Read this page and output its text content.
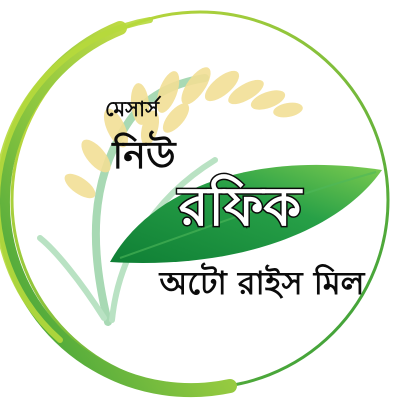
মেসার্স
নিউ
রফিক
অটো রাইস মিল
